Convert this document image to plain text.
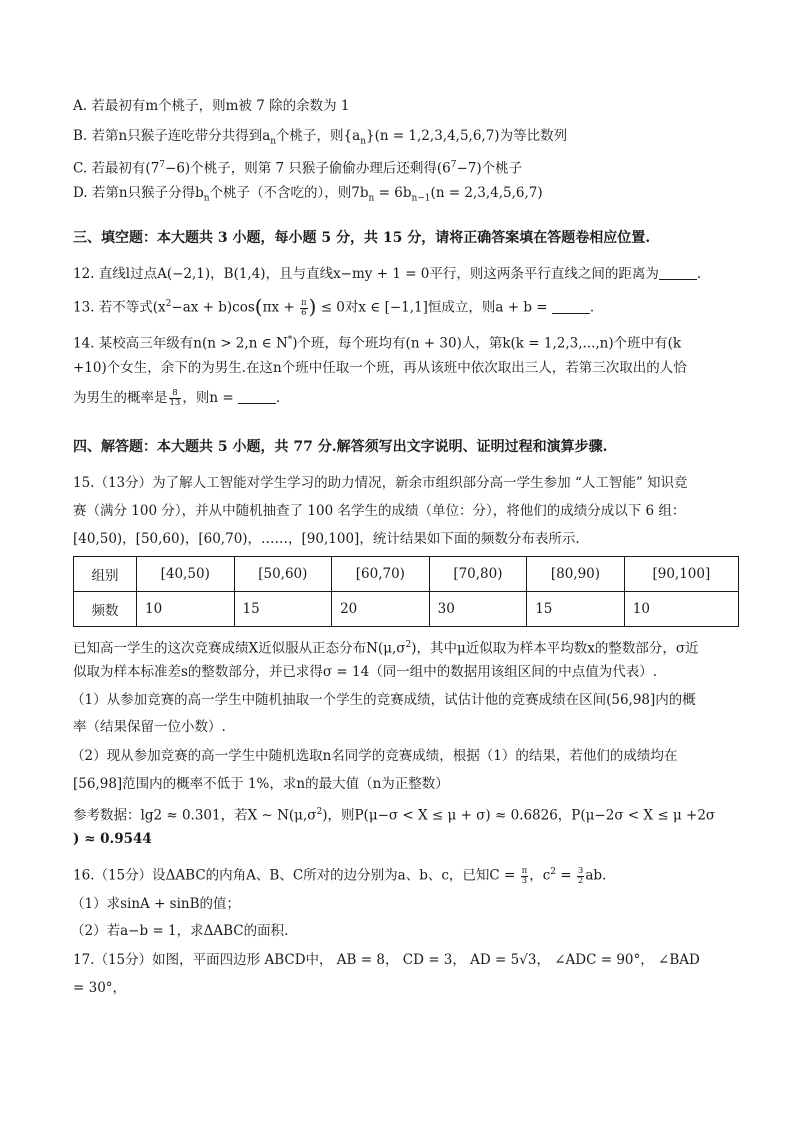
A. 若最初有m个桃子，则m被 7 除的余数为 1
B. 若第n只猴子连吃带分共得到$a_n$个桃子，则$\{a_n\}(n = 1,2,3,4,5,6,7)$为等比数列
C. 若最初有$(7^7-6)$个桃子，则第 7 只猴子偷偷办理后还剩得$(6^7-7)$个桃子
D. 若第n只猴子分得$b_n$个桃子（不含吃的），则$7b_n = 6b_{n-1}(n = 2,3,4,5,6,7)$
三、填空题：本大题共 3 小题，每小题 5 分，共 15 分，请将正确答案填在答题卷相应位置.
12. 直线l过点A(−2,1)，B(1,4)，且与直线x−my + 1 = 0平行，则这两条平行直线之间的距离为	.
13. 若不等式$(x^2-ax + b)\cos(\pi x + \frac{\pi}{6}$ ) ≤ 0对x ∈ [−1,1]恒成立，则a + b =	.
14. 某校高三年级有n(n > 2,n ∈ N*)个班，每个班均有(n + 30)人，第k(k = 1,2,3,...,n)个班中有(k
+10)个女生，余下的为男生.在这n个班中任取一个班，再从该班中依次取出三人，若第三次取出的人恰
为男生的概率是 $\frac{8}{13}$ ，则n =	.
四、解答题：本大题共 5 小题，共 77 分.解答须写出文字说明、证明过程和演算步骤.
15.（13分）为了解人工智能对学生学习的助力情况，新余市组织部分高一学生参加 “人工智能” 知识竞
赛（满分 100 分），并从中随机抽查了 100 名学生的成绩（单位：分），将他们的成绩分成以下 6 组：
[40,50)，[50,60)，[60,70)，……，[90,100]，统计结果如下面的频数分布表所示.
组别	[40,50)	[50,60)	[60,70)	[70,80)	[80,90)	[90,100]
频数	10	15	20	30	15	10
已知高一学生的这次竞赛成绩X近似服从正态分布$N(\mu,\sigma^2)$，其中μ近似取为样本平均数x的整数部分，σ近
似取为样本标准差s的整数部分，并已求得σ = 14（同一组中的数据用该组区间的中点值为代表）.
（1）从参加竞赛的高一学生中随机抽取一个学生的竞赛成绩，试估计他的竞赛成绩在区间(56,98]内的概
率（结果保留一位小数）.
（2）现从参加竞赛的高一学生中随机选取n名同学的竞赛成绩，根据（1）的结果，若他们的成绩均在
[56,98]范围内的概率不低于 1%，求n的最大值（n为正整数）
参考数据：lg2 ≈ 0.301，若X ∼ $N(\mu,\sigma^2)$，则P(μ−σ < X ≤ μ + σ) ≈ 0.6826，P(μ−2σ < X ≤ μ +2σ
) ≈ 0.9544
16.（15分）设ΔABC的内角A、B、C所对的边分别为a、b、c，已知$C = \frac{\pi}{3}$ ，$c^2 = \frac{3}{2}$ ab.
（1）求sinA + sinB的值；
（2）若a−b = 1，求ΔABC的面积.
17.（15分）如图，平面四边形 ABCD中， AB = 8， CD = 3， AD = 5√3， ∠ADC = 90°， ∠BAD
= 30°，
